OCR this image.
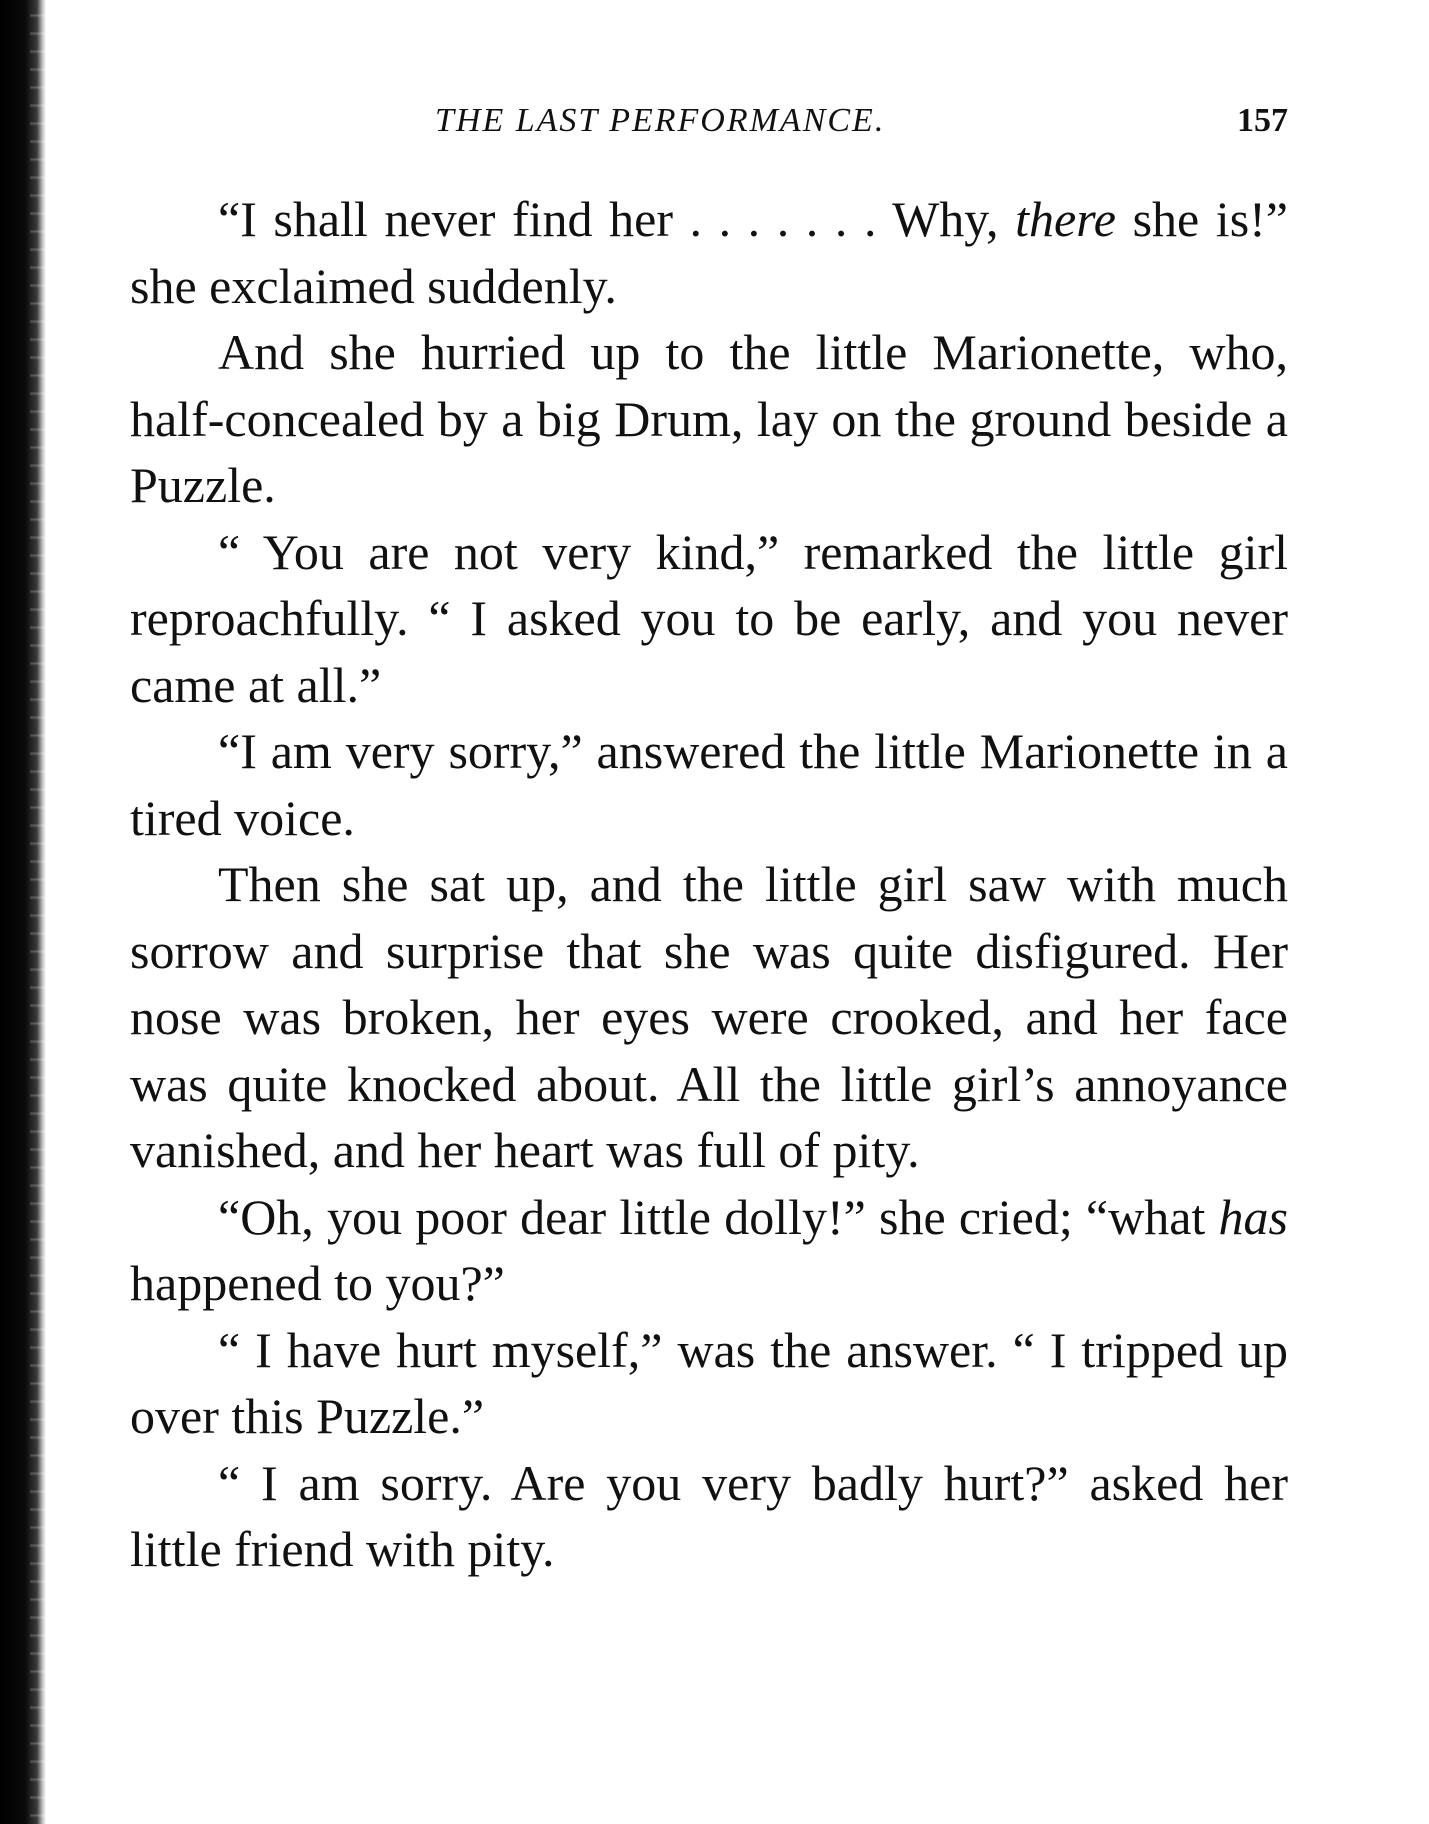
THE LAST PERFORMANCE.	157

“I shall never find her . . . . . . . Why, there she is!” she exclaimed suddenly.

And she hurried up to the little Marionette, who, half-concealed by a big Drum, lay on the ground beside a Puzzle.

“ You are not very kind,” remarked the little girl reproachfully. “ I asked you to be early, and you never came at all.”

“I am very sorry,” answered the little Marionette in a tired voice.

Then she sat up, and the little girl saw with much sorrow and surprise that she was quite disfigured. Her nose was broken, her eyes were crooked, and her face was quite knocked about. All the little girl’s annoyance vanished, and her heart was full of pity.

“Oh, you poor dear little dolly!” she cried; “what has happened to you?”

“ I have hurt myself,” was the answer. “ I tripped up over this Puzzle.”

“ I am sorry. Are you very badly hurt?” asked her little friend with pity.
